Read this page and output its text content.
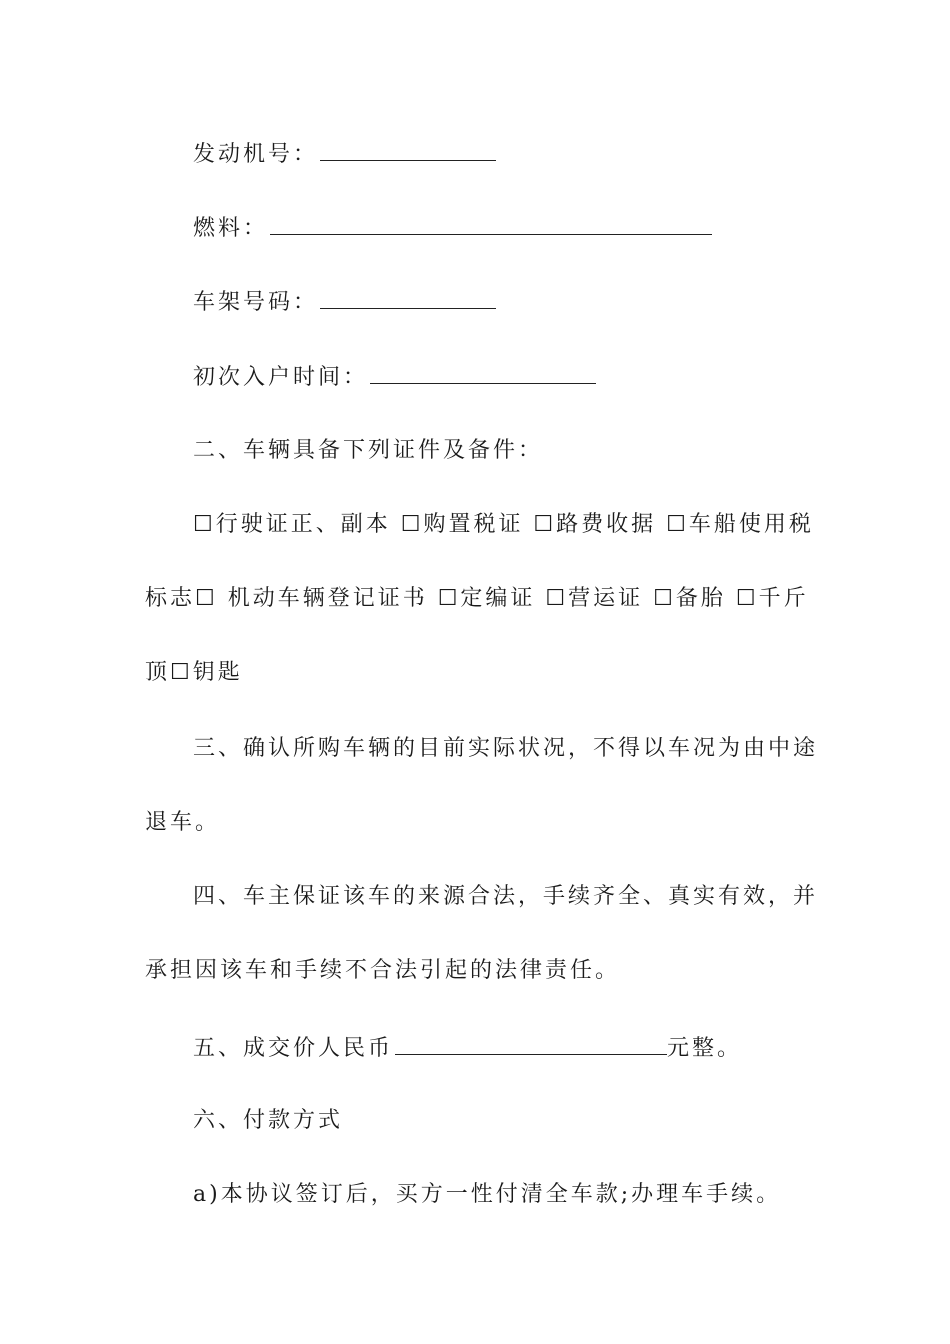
发动机号：
燃料：
车架号码：
初次入户时间：
二、车辆具备下列证件及备件：
☐行驶证正、副本 ☐购置税证 ☐路费收据 ☐车船使用税
标志☐ 机动车辆登记证书 ☐定编证 ☐营运证 ☐备胎 ☐千斤
顶☐钥匙
三、确认所购车辆的目前实际状况，不得以车况为由中途
退车。
四、车主保证该车的来源合法，手续齐全、真实有效，并
承担因该车和手续不合法引起的法律责任。
五、成交价人民币	元整。
六、付款方式
a)本协议签订后，买方一性付清全车款;办理车手续。
